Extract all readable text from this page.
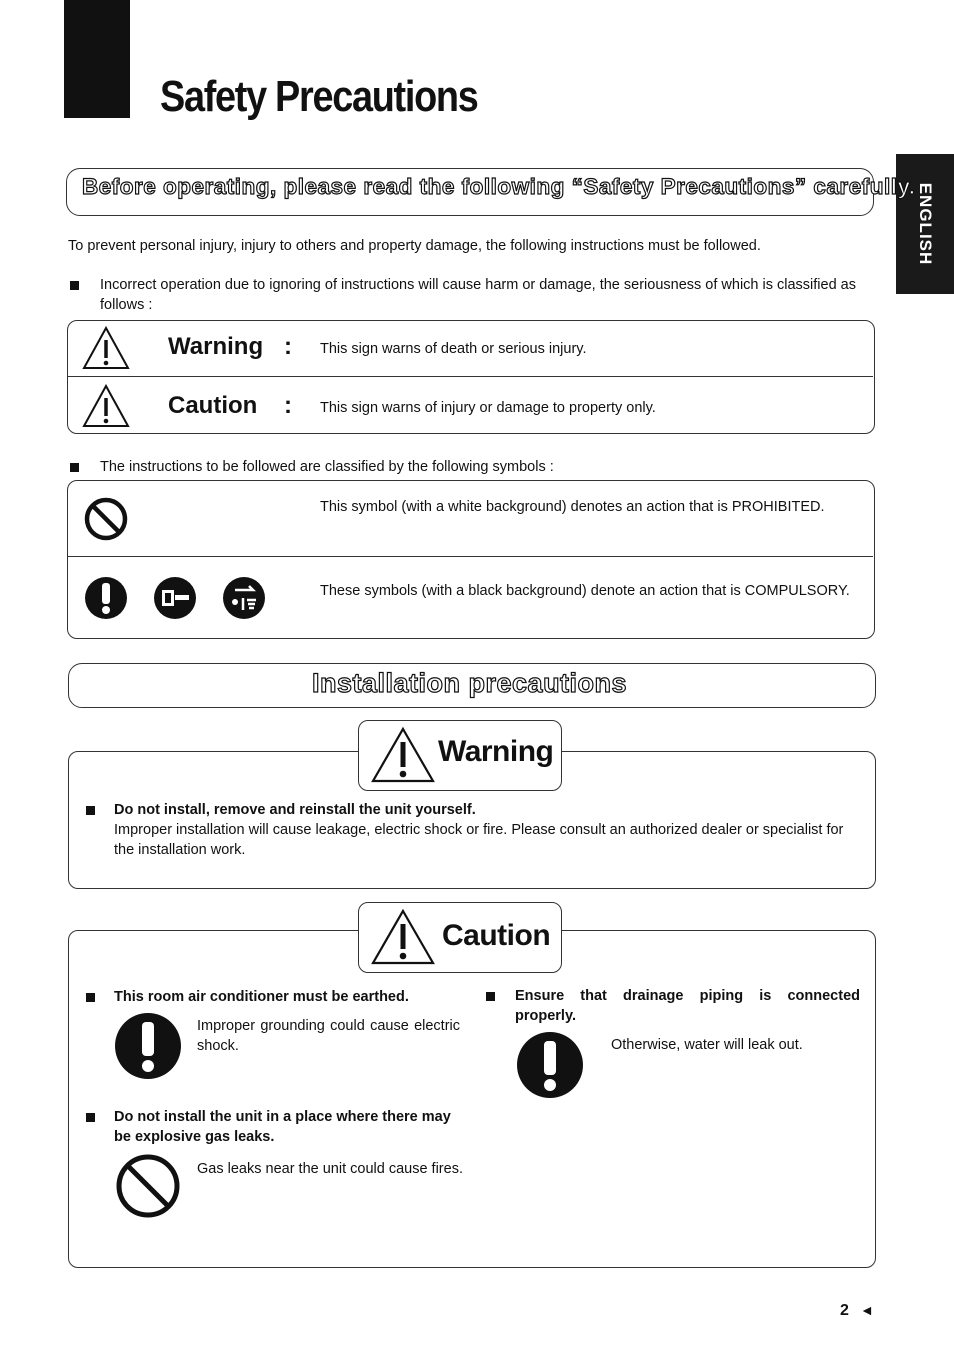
Safety Precautions
ENGLISH
Before operating, please read the following “Safety Precautions” carefully.
To prevent personal injury, injury to others and property damage, the following instructions must be followed.
Incorrect operation due to ignoring of instructions will cause harm or damage, the seriousness of which is classified as follows :
Warning : This sign warns of death or serious injury.
Caution : This sign warns of injury or damage to property only.
The instructions to be followed are classified by the following symbols :
This symbol (with a white background) denotes an action that is PROHIBITED.
These symbols (with a black background) denote an action that is COMPULSORY.
Installation precautions
Warning
Do not install, remove and reinstall the unit yourself.
Improper installation will cause leakage, electric shock or fire. Please consult an authorized dealer or specialist for the installation work.
Caution
This room air conditioner must be earthed.
Improper grounding could cause electric shock.
Do not install the unit in a place where there may be explosive gas leaks.
Gas leaks near the unit could cause fires.
Ensure that drainage piping is connected properly.
Otherwise, water will leak out.
2 ◄
